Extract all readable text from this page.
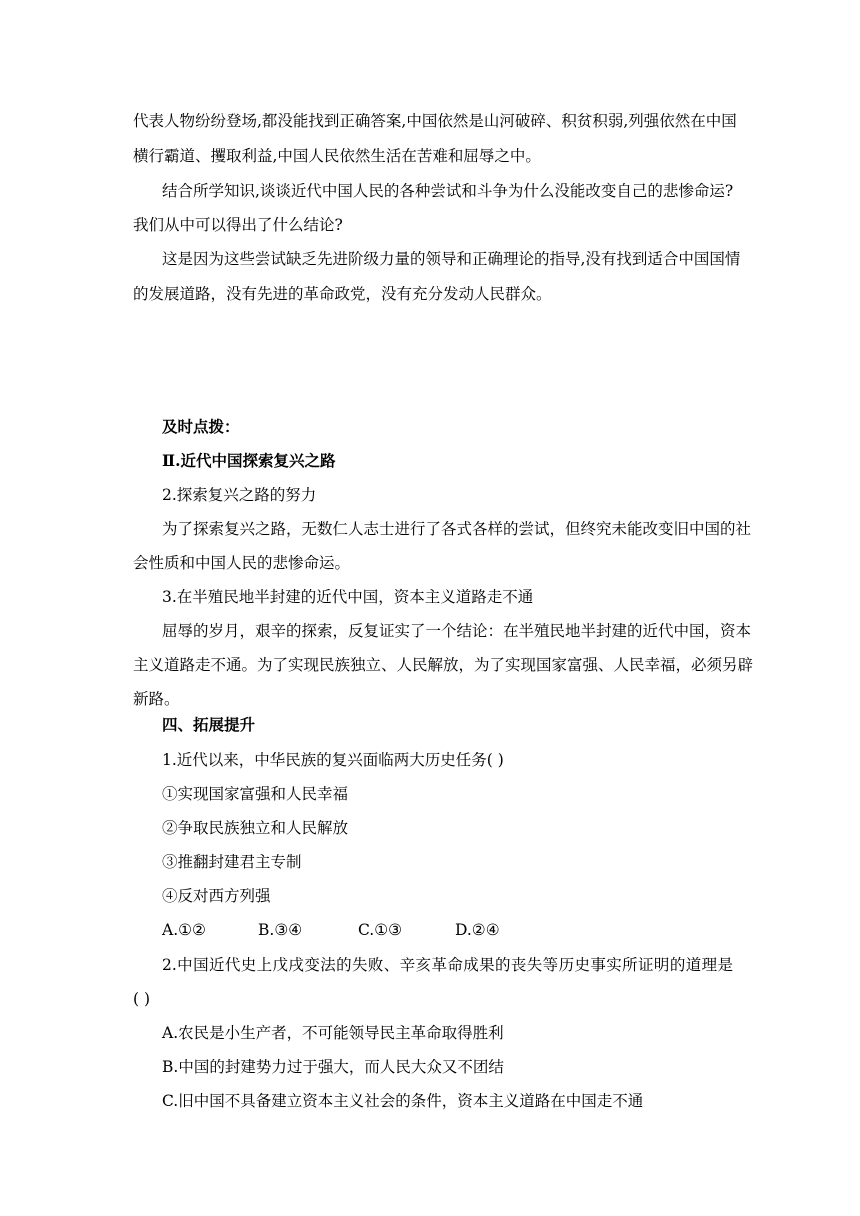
代表人物纷纷登场,都没能找到正确答案,中国依然是山河破碎、积贫积弱,列强依然在中国
横行霸道、攫取利益,中国人民依然生活在苦难和屈辱之中。
结合所学知识,谈谈近代中国人民的各种尝试和斗争为什么没能改变自己的悲惨命运?
我们从中可以得出了什么结论?
这是因为这些尝试缺乏先进阶级力量的领导和正确理论的指导,没有找到适合中国国情
的发展道路，没有先进的革命政党，没有充分发动人民群众。
及时点拨：
Ⅱ.近代中国探索复兴之路
2.探索复兴之路的努力
为了探索复兴之路，无数仁人志士进行了各式各样的尝试，但终究未能改变旧中国的社
会性质和中国人民的悲惨命运。
3.在半殖民地半封建的近代中国，资本主义道路走不通
屈辱的岁月，艰辛的探索，反复证实了一个结论：在半殖民地半封建的近代中国，资本
主义道路走不通。为了实现民族独立、人民解放，为了实现国家富强、人民幸福，必须另辟
新路。
四、拓展提升
1.近代以来，中华民族的复兴面临两大历史任务( )
①实现国家富强和人民幸福
②争取民族独立和人民解放
③推翻封建君主专制
④反对西方列强
A.①②	B.③④	C.①③	D.②④
2.中国近代史上戊戌变法的失败、辛亥革命成果的丧失等历史事实所证明的道理是
( )
A.农民是小生产者，不可能领导民主革命取得胜利
B.中国的封建势力过于强大，而人民大众又不团结
C.旧中国不具备建立资本主义社会的条件，资本主义道路在中国走不通
